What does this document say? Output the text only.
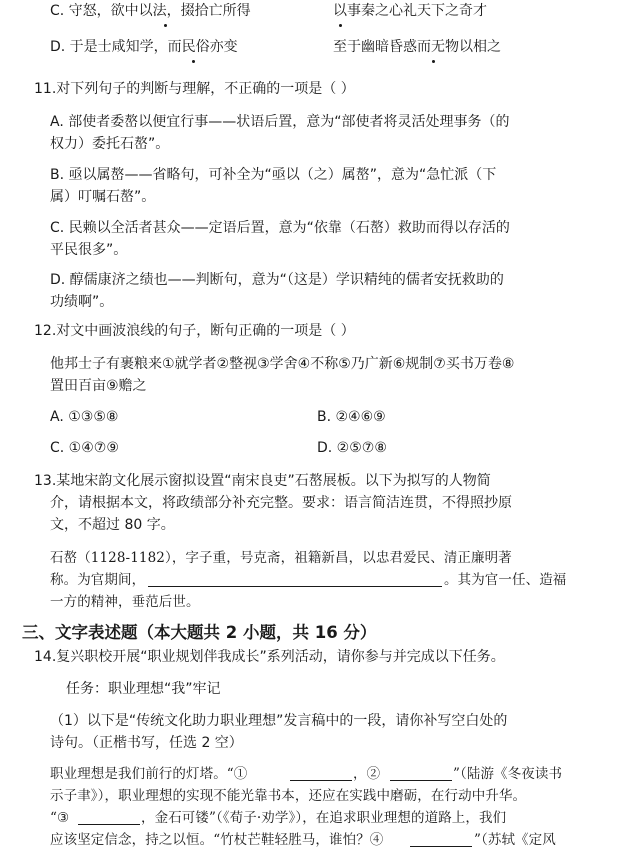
C. 守怒，欲中以法，掇拾亡所得	以事秦之心礼天下之奇才
D. 于是士咸知学，而民俗亦变	至于幽暗昏惑而无物以相之
11.对下列句子的判断与理解，不正确的一项是（ ）
A. 部使者委嶅以便宜行事——状语后置，意为“部使者将灵活处理事务（的
权力）委托石嶅”。
B. 亟以属嶅——省略句，可补全为“亟以（之）属嶅”，意为“急忙派（下
属）叮嘱石嶅”。
C. 民赖以全活者甚众——定语后置，意为“依靠（石嶅）救助而得以存活的
平民很多”。
D. 醇儒康济之绩也——判断句，意为“（这是）学识精纯的儒者安抚救助的
功绩啊”。
12.对文中画波浪线的句子，断句正确的一项是（ ）
他邦士子有裹粮来①就学者②整视③学舍④不称⑤乃广新⑥规制⑦买书万卷⑧
置田百亩⑨赡之
A. ①③⑤⑧	B. ②④⑥⑨
C. ①④⑦⑨	D. ②⑤⑦⑧
13.某地宋韵文化展示窗拟设置“南宋良吏”石嶅展板。以下为拟写的人物简
介，请根据本文，将政绩部分补充完整。要求：语言简洁连贯，不得照抄原
文，不超过 80 字。
石嶅（1128-1182），字子重，号克斋，祖籍新昌，以忠君爱民、清正廉明著
称。为官期间，	。其为官一任、造福
一方的精神，垂范后世。
三、文字表述题（本大题共 2 小题，共 16 分）
14.复兴职校开展“职业规划伴我成长”系列活动，请你参与并完成以下任务。
任务：职业理想“我”牢记
（1）以下是“传统文化助力职业理想”发言稿中的一段，请你补写空白处的
诗句。（正楷书写，任选 2 空）
职业理想是我们前行的灯塔。“①	，②	”（陆游《冬夜读书
示子聿》），职业理想的实现不能光靠书本，还应在实践中磨砺，在行动中升华。
“③	，金石可镂”（《荀子·劝学》），在追求职业理想的道路上，我们
应该坚定信念，持之以恒。“竹杖芒鞋轻胜马，谁怕？④	”（苏轼《定风
